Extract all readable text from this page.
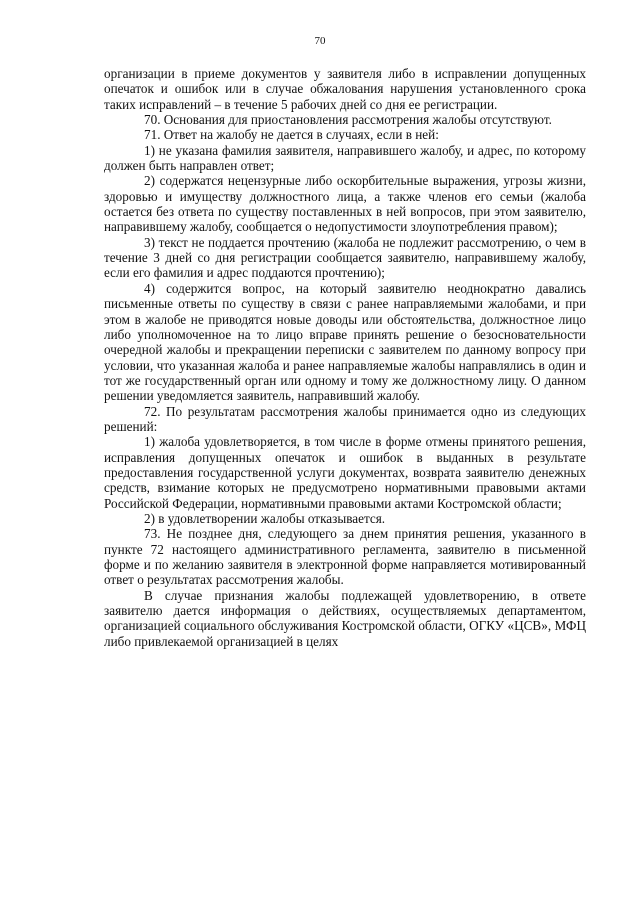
70

организации в приеме документов у заявителя либо в исправлении допущенных опечаток и ошибок или в случае обжалования нарушения установленного срока таких исправлений – в течение 5 рабочих дней со дня ее регистрации.

70. Основания для приостановления рассмотрения жалобы отсутствуют.

71. Ответ на жалобу не дается в случаях, если в ней:

1) не указана фамилия заявителя, направившего жалобу, и адрес, по которому должен быть направлен ответ;

2) содержатся нецензурные либо оскорбительные выражения, угрозы жизни, здоровью и имуществу должностного лица, а также членов его семьи (жалоба остается без ответа по существу поставленных в ней вопросов, при этом заявителю, направившему жалобу, сообщается о недопустимости злоупотребления правом);

3) текст не поддается прочтению (жалоба не подлежит рассмотрению, о чем в течение 3 дней со дня регистрации сообщается заявителю, направившему жалобу, если его фамилия и адрес поддаются прочтению);

4) содержится вопрос, на который заявителю неоднократно давались письменные ответы по существу в связи с ранее направляемыми жалобами, и при этом в жалобе не приводятся новые доводы или обстоятельства, должностное лицо либо уполномоченное на то лицо вправе принять решение о безосновательности очередной жалобы и прекращении переписки с заявителем по данному вопросу при условии, что указанная жалоба и ранее направляемые жалобы направлялись в один и тот же государственный орган или одному и тому же должностному лицу. О данном решении уведомляется заявитель, направивший жалобу.

72. По результатам рассмотрения жалобы принимается одно из следующих решений:

1) жалоба удовлетворяется, в том числе в форме отмены принятого решения, исправления допущенных опечаток и ошибок в выданных в результате предоставления государственной услуги документах, возврата заявителю денежных средств, взимание которых не предусмотрено нормативными правовыми актами Российской Федерации, нормативными правовыми актами Костромской области;

2) в удовлетворении жалобы отказывается.

73. Не позднее дня, следующего за днем принятия решения, указанного в пункте 72 настоящего административного регламента, заявителю в письменной форме и по желанию заявителя в электронной форме направляется мотивированный ответ о результатах рассмотрения жалобы.

В случае признания жалобы подлежащей удовлетворению, в ответе заявителю дается информация о действиях, осуществляемых департаментом, организацией социального обслуживания Костромской области, ОГКУ «ЦСВ», МФЦ либо привлекаемой организацией в целях
